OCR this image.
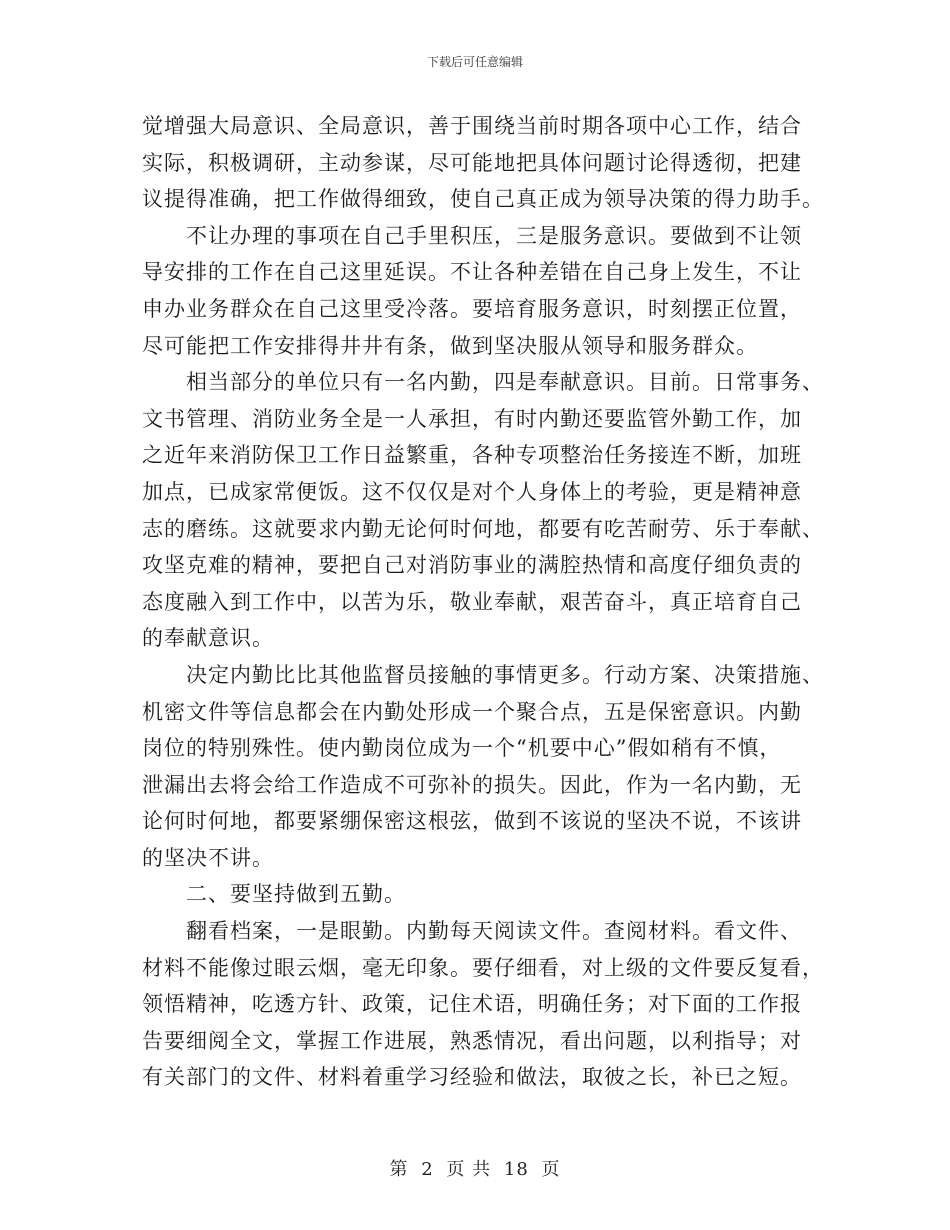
下载后可任意编辑

觉增强大局意识、全局意识，善于围绕当前时期各项中心工作，结合
实际，积极调研，主动参谋，尽可能地把具体问题讨论得透彻，把建
议提得准确，把工作做得细致，使自己真正成为领导决策的得力助手。
　　不让办理的事项在自己手里积压，三是服务意识。要做到不让领
导安排的工作在自己这里延误。不让各种差错在自己身上发生，不让
申办业务群众在自己这里受冷落。要培育服务意识，时刻摆正位置，
尽可能把工作安排得井井有条，做到坚决服从领导和服务群众。
　　相当部分的单位只有一名内勤，四是奉献意识。目前。日常事务、
文书管理、消防业务全是一人承担，有时内勤还要监管外勤工作，加
之近年来消防保卫工作日益繁重，各种专项整治任务接连不断，加班
加点，已成家常便饭。这不仅仅是对个人身体上的考验，更是精神意
志的磨练。这就要求内勤无论何时何地，都要有吃苦耐劳、乐于奉献、
攻坚克难的精神，要把自己对消防事业的满腔热情和高度仔细负责的
态度融入到工作中，以苦为乐，敬业奉献，艰苦奋斗，真正培育自己
的奉献意识。
　　决定内勤比比其他监督员接触的事情更多。行动方案、决策措施、
机密文件等信息都会在内勤处形成一个聚合点，五是保密意识。内勤
岗位的特别殊性。使内勤岗位成为一个“机要中心”假如稍有不慎，
泄漏出去将会给工作造成不可弥补的损失。因此，作为一名内勤，无
论何时何地，都要紧绷保密这根弦，做到不该说的坚决不说，不该讲
的坚决不讲。
　　二、要坚持做到五勤。
　　翻看档案，一是眼勤。内勤每天阅读文件。查阅材料。看文件、
材料不能像过眼云烟，毫无印象。要仔细看，对上级的文件要反复看，
领悟精神，吃透方针、政策，记住术语，明确任务；对下面的工作报
告要细阅全文，掌握工作进展，熟悉情况，看出问题，以利指导；对
有关部门的文件、材料着重学习经验和做法，取彼之长，补已之短。

第 2 页 共 18 页
